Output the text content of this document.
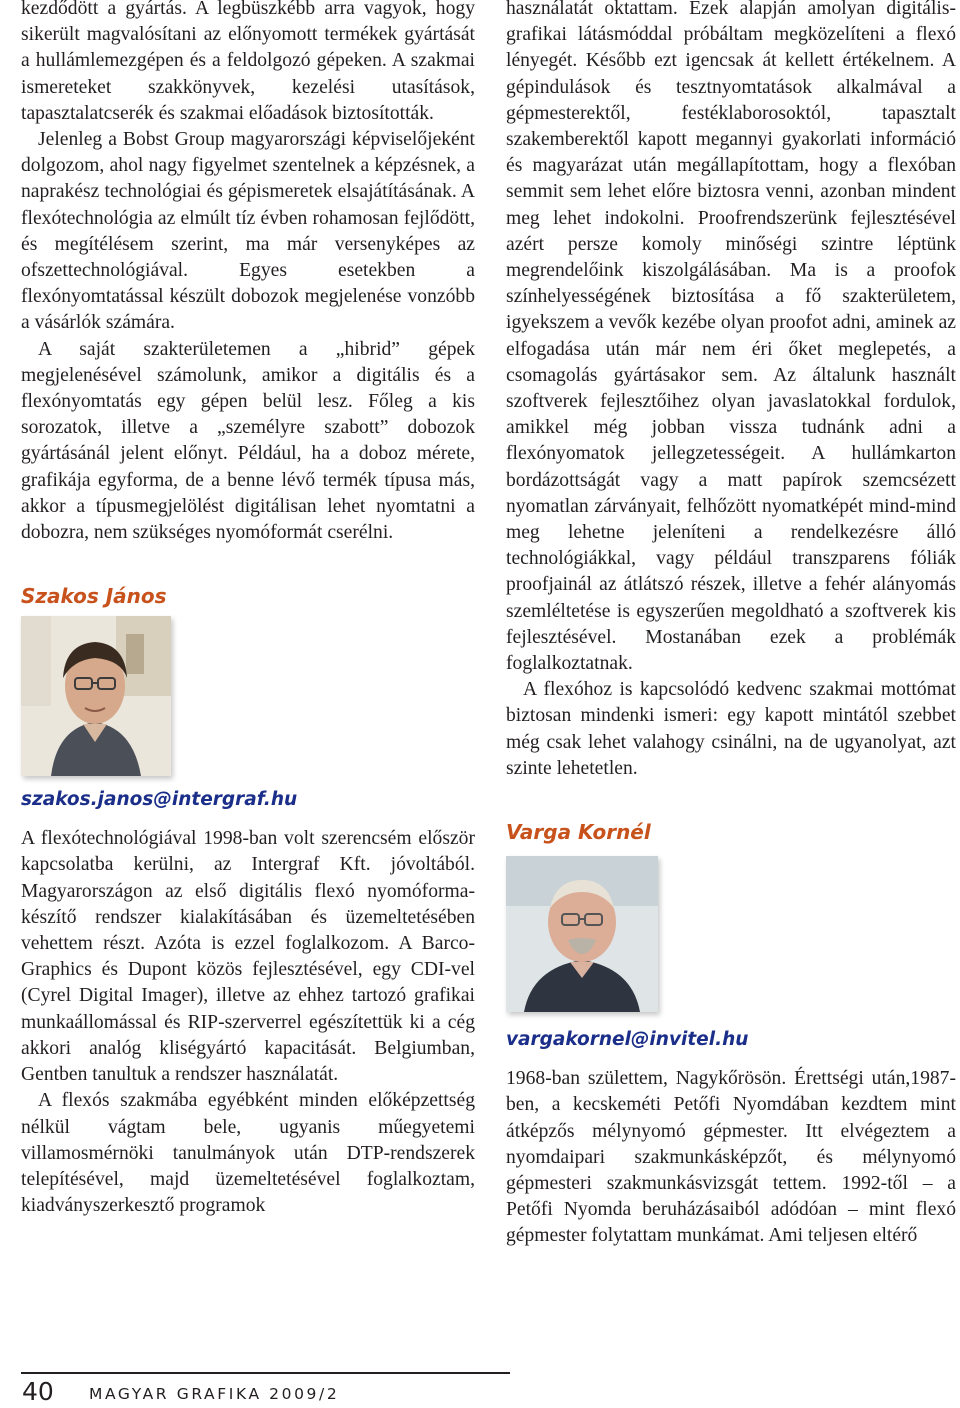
kezdődött a gyártás. A legbüszkébb arra vagyok, hogy sikerült magvalósítani az előnyomott termékek gyártását a hullámlemezgépen és a feldolgozó gépeken. A szakmai ismereteket szakkönyvek, kezelési utasítások, tapasztalatcserék és szakmai előadások biztosították.

Jelenleg a Bobst Group magyarországi képviselőjeként dolgozom, ahol nagy figyelmet szentelnek a képzésnek, a naprakész technológiai és gépismeretek elsajátításának. A flexótechnológia az elmúlt tíz évben rohamosan fejlődött, és megítélésem szerint, ma már versenyképes az ofszettechnológiával. Egyes esetekben a flexónyomtatással készült dobozok megjelenése vonzóbb a vásárlók számára.

A saját szakterületemen a „hibrid” gépek megjelenésével számolunk, amikor a digitális és a flexónyomtatás egy gépen belül lesz. Főleg a kis sorozatok, illetve a „személyre szabott” dobozok gyártásánál jelent előnyt. Például, ha a doboz mérete, grafikája egyforma, de a benne lévő termék típusa más, akkor a típusmegjelölést digitálisan lehet nyomtatni a dobozra, nem szükséges nyomóformát cserélni.

Szakos János

szakos.janos@intergraf.hu

A flexótechnológiával 1998-ban volt szerencsém először kapcsolatba kerülni, az Intergraf Kft. jóvoltából. Magyarországon az első digitális flexó nyomóforma-készítő rendszer kialakításában és üzemeltetésében vehettem részt. Azóta is ezzel foglalkozom. A Barco-Graphics és Dupont közös fejlesztésével, egy CDI-vel (Cyrel Digital Imager), illetve az ehhez tartozó grafikai munkaállomással és RIP-szerverrel egészítettük ki a cég akkori analóg kliségyártó kapacitását. Belgiumban, Gentben tanultuk a rendszer használatát.

A flexós szakmába egyébként minden előképzettség nélkül vágtam bele, ugyanis műegyetemi villamosmérnöki tanulmányok után DTP-rendszerek telepítésével, majd üzemeltetésével foglalkoztam, kiadványszerkesztő programok

használatát oktattam. Ezek alapján amolyan digitális-grafikai látásmóddal próbáltam megközelíteni a flexó lényegét. Később ezt igencsak át kellett értékelnem. A gépindulások és tesztnyomtatások alkalmával a gépmesterektől, festéklaborosoktól, tapasztalt szakemberektől kapott megannyi gyakorlati információ és magyarázat után megállapítottam, hogy a flexóban semmit sem lehet előre biztosra venni, azonban mindent meg lehet indokolni. Proofrendszerünk fejlesztésével azért persze komoly minőségi szintre léptünk megrendelőink kiszolgálásában. Ma is a proofok színhelyességének biztosítása a fő szakterületem, igyekszem a vevők kezébe olyan proofot adni, aminek az elfogadása után már nem éri őket meglepetés, a csomagolás gyártásakor sem. Az általunk használt szoftverek fejlesztőihez olyan javaslatokkal fordulok, amikkel még jobban vissza tudnánk adni a flexónyomatok jellegzetességeit. A hullámkarton bordázottságát vagy a matt papírok szemcsézett nyomatlan zárványait, felhőzött nyomatképét mind-mind meg lehetne jeleníteni a rendelkezésre álló technológiákkal, vagy például transzparens fóliák proofjainál az átlátszó részek, illetve a fehér alányomás szemléltetése is egyszerűen megoldható a szoftverek kis fejlesztésével. Mostanában ezek a problémák foglalkoztatnak.

A flexóhoz is kapcsolódó kedvenc szakmai mottómat biztosan mindenki ismeri: egy kapott mintától szebbet még csak lehet valahogy csinálni, na de ugyanolyat, azt szinte lehetetlen.

Varga Kornél

vargakornel@invitel.hu

1968-ban születtem, Nagykőrösön. Érettségi után,1987-ben, a kecskeméti Petőfi Nyomdában kezdtem mint átképzős mélynyomó gépmester. Itt elvégeztem a nyomdaipari szakmunkásképzőt, és mélynyomó gépmesteri szakmunkásvizsgát tettem. 1992-től – a Petőfi Nyomda beruházásaiból adódóan – mint flexó gépmester folytattam munkámat. Ami teljesen eltérő

40 MAGYAR GRAFIKA 2009/2
